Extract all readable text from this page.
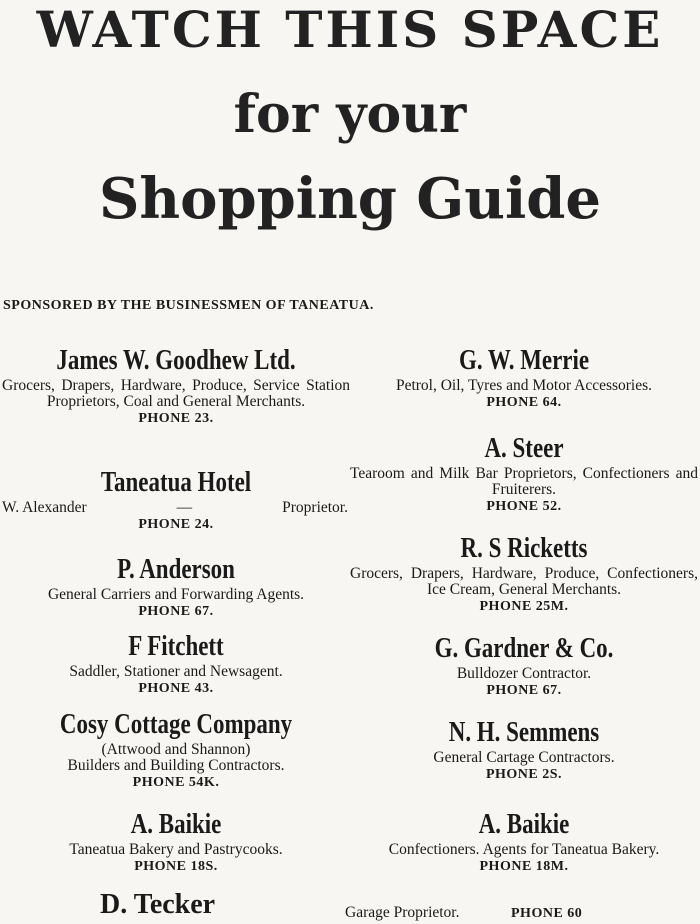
WATCH THIS SPACE
for your
Shopping Guide
SPONSORED BY THE BUSINESSMEN OF TANEATUA.
James W. Goodhew Ltd.
Grocers, Drapers, Hardware, Produce, Service Station Proprietors, Coal and General Merchants.
PHONE 23.
Taneatua Hotel
W. Alexander	—	Proprietor.
PHONE 24.
P. Anderson
General Carriers and Forwarding Agents.
PHONE 67.
F Fitchett
Saddler, Stationer and Newsagent.
PHONE 43.
Cosy Cottage Company
(Attwood and Shannon)
Builders and Building Contractors.
PHONE 54K.
A. Baikie
Taneatua Bakery and Pastrycooks.
PHONE 18S.
G. W. Merrie
Petrol, Oil, Tyres and Motor Accessories.
PHONE 64.
A. Steer
Tearoom and Milk Bar Proprietors, Confectioners and Fruiterers.
PHONE 52.
R. S Ricketts
Grocers, Drapers, Hardware, Produce, Confectioners, Ice Cream, General Merchants.
PHONE 25M.
G. Gardner & Co.
Bulldozer Contractor.
PHONE 67.
N. H. Semmens
General Cartage Contractors.
PHONE 2S.
A. Baikie
Confectioners. Agents for Taneatua Bakery.
PHONE 18M.
D. Tecker	Garage Proprietor.	PHONE 60
